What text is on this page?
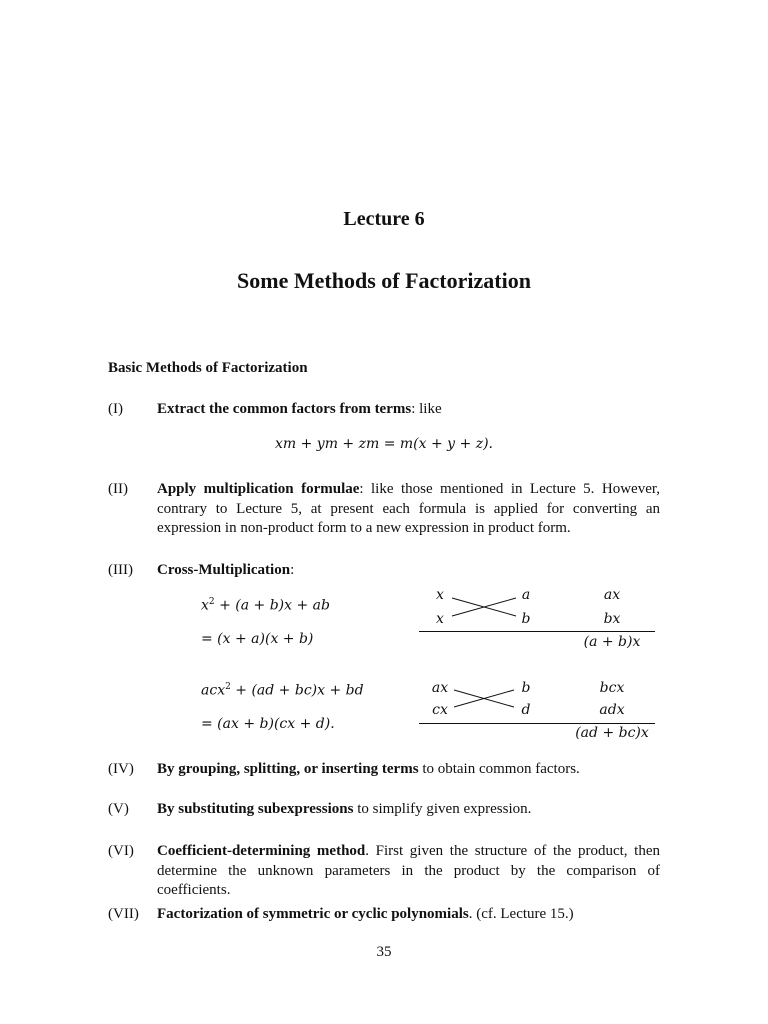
Lecture 6
Some Methods of Factorization
Basic Methods of Factorization
(I) Extract the common factors from terms: like
xm + ym + zm = m(x + y + z).
(II) Apply multiplication formulae: like those mentioned in Lecture 5. However, contrary to Lecture 5, at present each formula is applied for converting an expression in non-product form to a new expression in product form.
(III) Cross-Multiplication:
$x^2 + (a + b)x$ + ab
= (x + a)(x + b)
x
x
a
b
ax
bx
(a + b)x
acx$^2$ + (ad + bc)x + bd
= (ax + b)(cx + d).
ax
cx
b
d
bcx
adx
(ad + bc)x
(IV) By grouping, splitting, or inserting terms to obtain common factors.
(V) By substituting subexpressions to simplify given expression.
(VI) Coefficient-determining method. First given the structure of the product, then determine the unknown parameters in the product by the comparison of coefficients.
(VII) Factorization of symmetric or cyclic polynomials. (cf. Lecture 15.)
35
